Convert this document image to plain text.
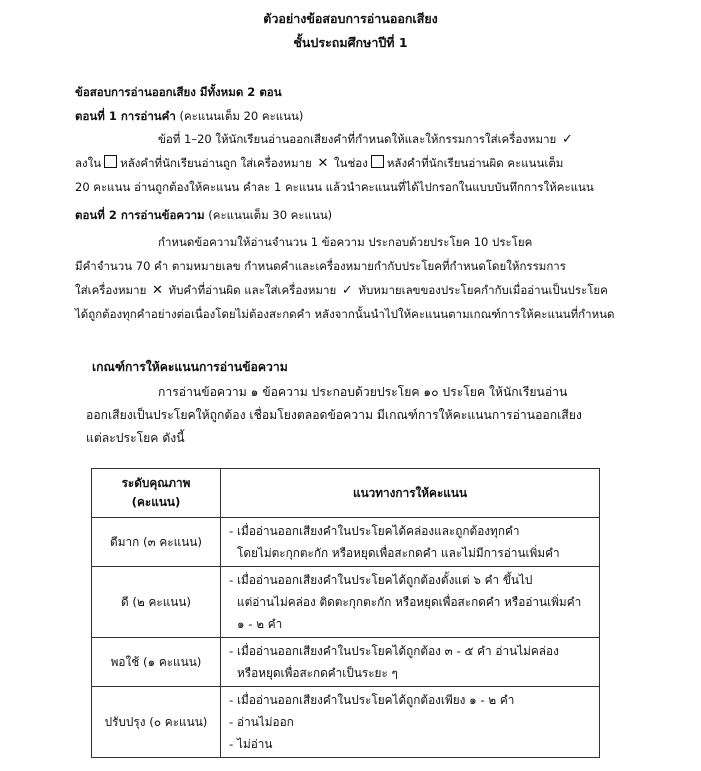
ตัวอย่างข้อสอบการอ่านออกเสียง
ชั้นประถมศึกษาปีที่ 1
ข้อสอบการอ่านออกเสียง มีทั้งหมด 2 ตอน
ตอนที่ 1 การอ่านคำ (คะแนนเต็ม 20 คะแนน)
ข้อที่ 1–20 ให้นักเรียนอ่านออกเสียงคำที่กำหนดให้และให้กรรมการใส่เครื่องหมาย ✓
ลงใน หลังคำที่นักเรียนอ่านถูก ใส่เครื่องหมาย ✕ ในช่อง หลังคำที่นักเรียนอ่านผิด คะแนนเต็ม
20 คะแนน อ่านถูกต้องให้คะแนน คำละ 1 คะแนน แล้วนำคะแนนที่ได้ไปกรอกในแบบบันทึกการให้คะแนน
ตอนที่ 2 การอ่านข้อความ (คะแนนเต็ม 30 คะแนน)
กำหนดข้อความให้อ่านจำนวน 1 ข้อความ ประกอบด้วยประโยค 10 ประโยค
มีคำจำนวน 70 คำ ตามหมายเลข กำหนดคำและเครื่องหมายกำกับประโยคที่กำหนดโดยให้กรรมการ
ใส่เครื่องหมาย ✕ ทับคำที่อ่านผิด และใส่เครื่องหมาย ✓ ทับหมายเลขของประโยคกำกับเมื่ออ่านเป็นประโยค
ได้ถูกต้องทุกคำอย่างต่อเนื่องโดยไม่ต้องสะกดคำ หลังจากนั้นนำไปให้คะแนนตามเกณฑ์การให้คะแนนที่กำหนด
เกณฑ์การให้คะแนนการอ่านข้อความ
การอ่านข้อความ ๑ ข้อความ ประกอบด้วยประโยค ๑๐ ประโยค ให้นักเรียนอ่าน
ออกเสียงเป็นประโยคให้ถูกต้อง เชื่อมโยงตลอดข้อความ มีเกณฑ์การให้คะแนนการอ่านออกเสียง
แต่ละประโยค ดังนี้
ระดับคุณภาพ
(คะแนน)	แนวทางการให้คะแนน
ดีมาก (๓ คะแนน)	- เมื่ออ่านออกเสียงคำในประโยคได้คล่องและถูกต้องทุกคำ
โดยไม่ตะกุกตะกัก หรือหยุดเพื่อสะกดคำ และไม่มีการอ่านเพิ่มคำ

ดี (๒ คะแนน)	- เมื่ออ่านออกเสียงคำในประโยคได้ถูกต้องตั้งแต่ ๖ คำ ขึ้นไป
แต่อ่านไม่คล่อง ติดตะกุกตะกัก หรือหยุดเพื่อสะกดคำ หรืออ่านเพิ่มคำ
๑ - ๒ คำ

พอใช้ (๑ คะแนน)	- เมื่ออ่านออกเสียงคำในประโยคได้ถูกต้อง ๓ - ๕ คำ อ่านไม่คล่อง
หรือหยุดเพื่อสะกดคำเป็นระยะ ๆ

ปรับปรุง (๐ คะแนน)	- เมื่ออ่านออกเสียงคำในประโยคได้ถูกต้องเพียง ๑ - ๒ คำ
- อ่านไม่ออก
- ไม่อ่าน
